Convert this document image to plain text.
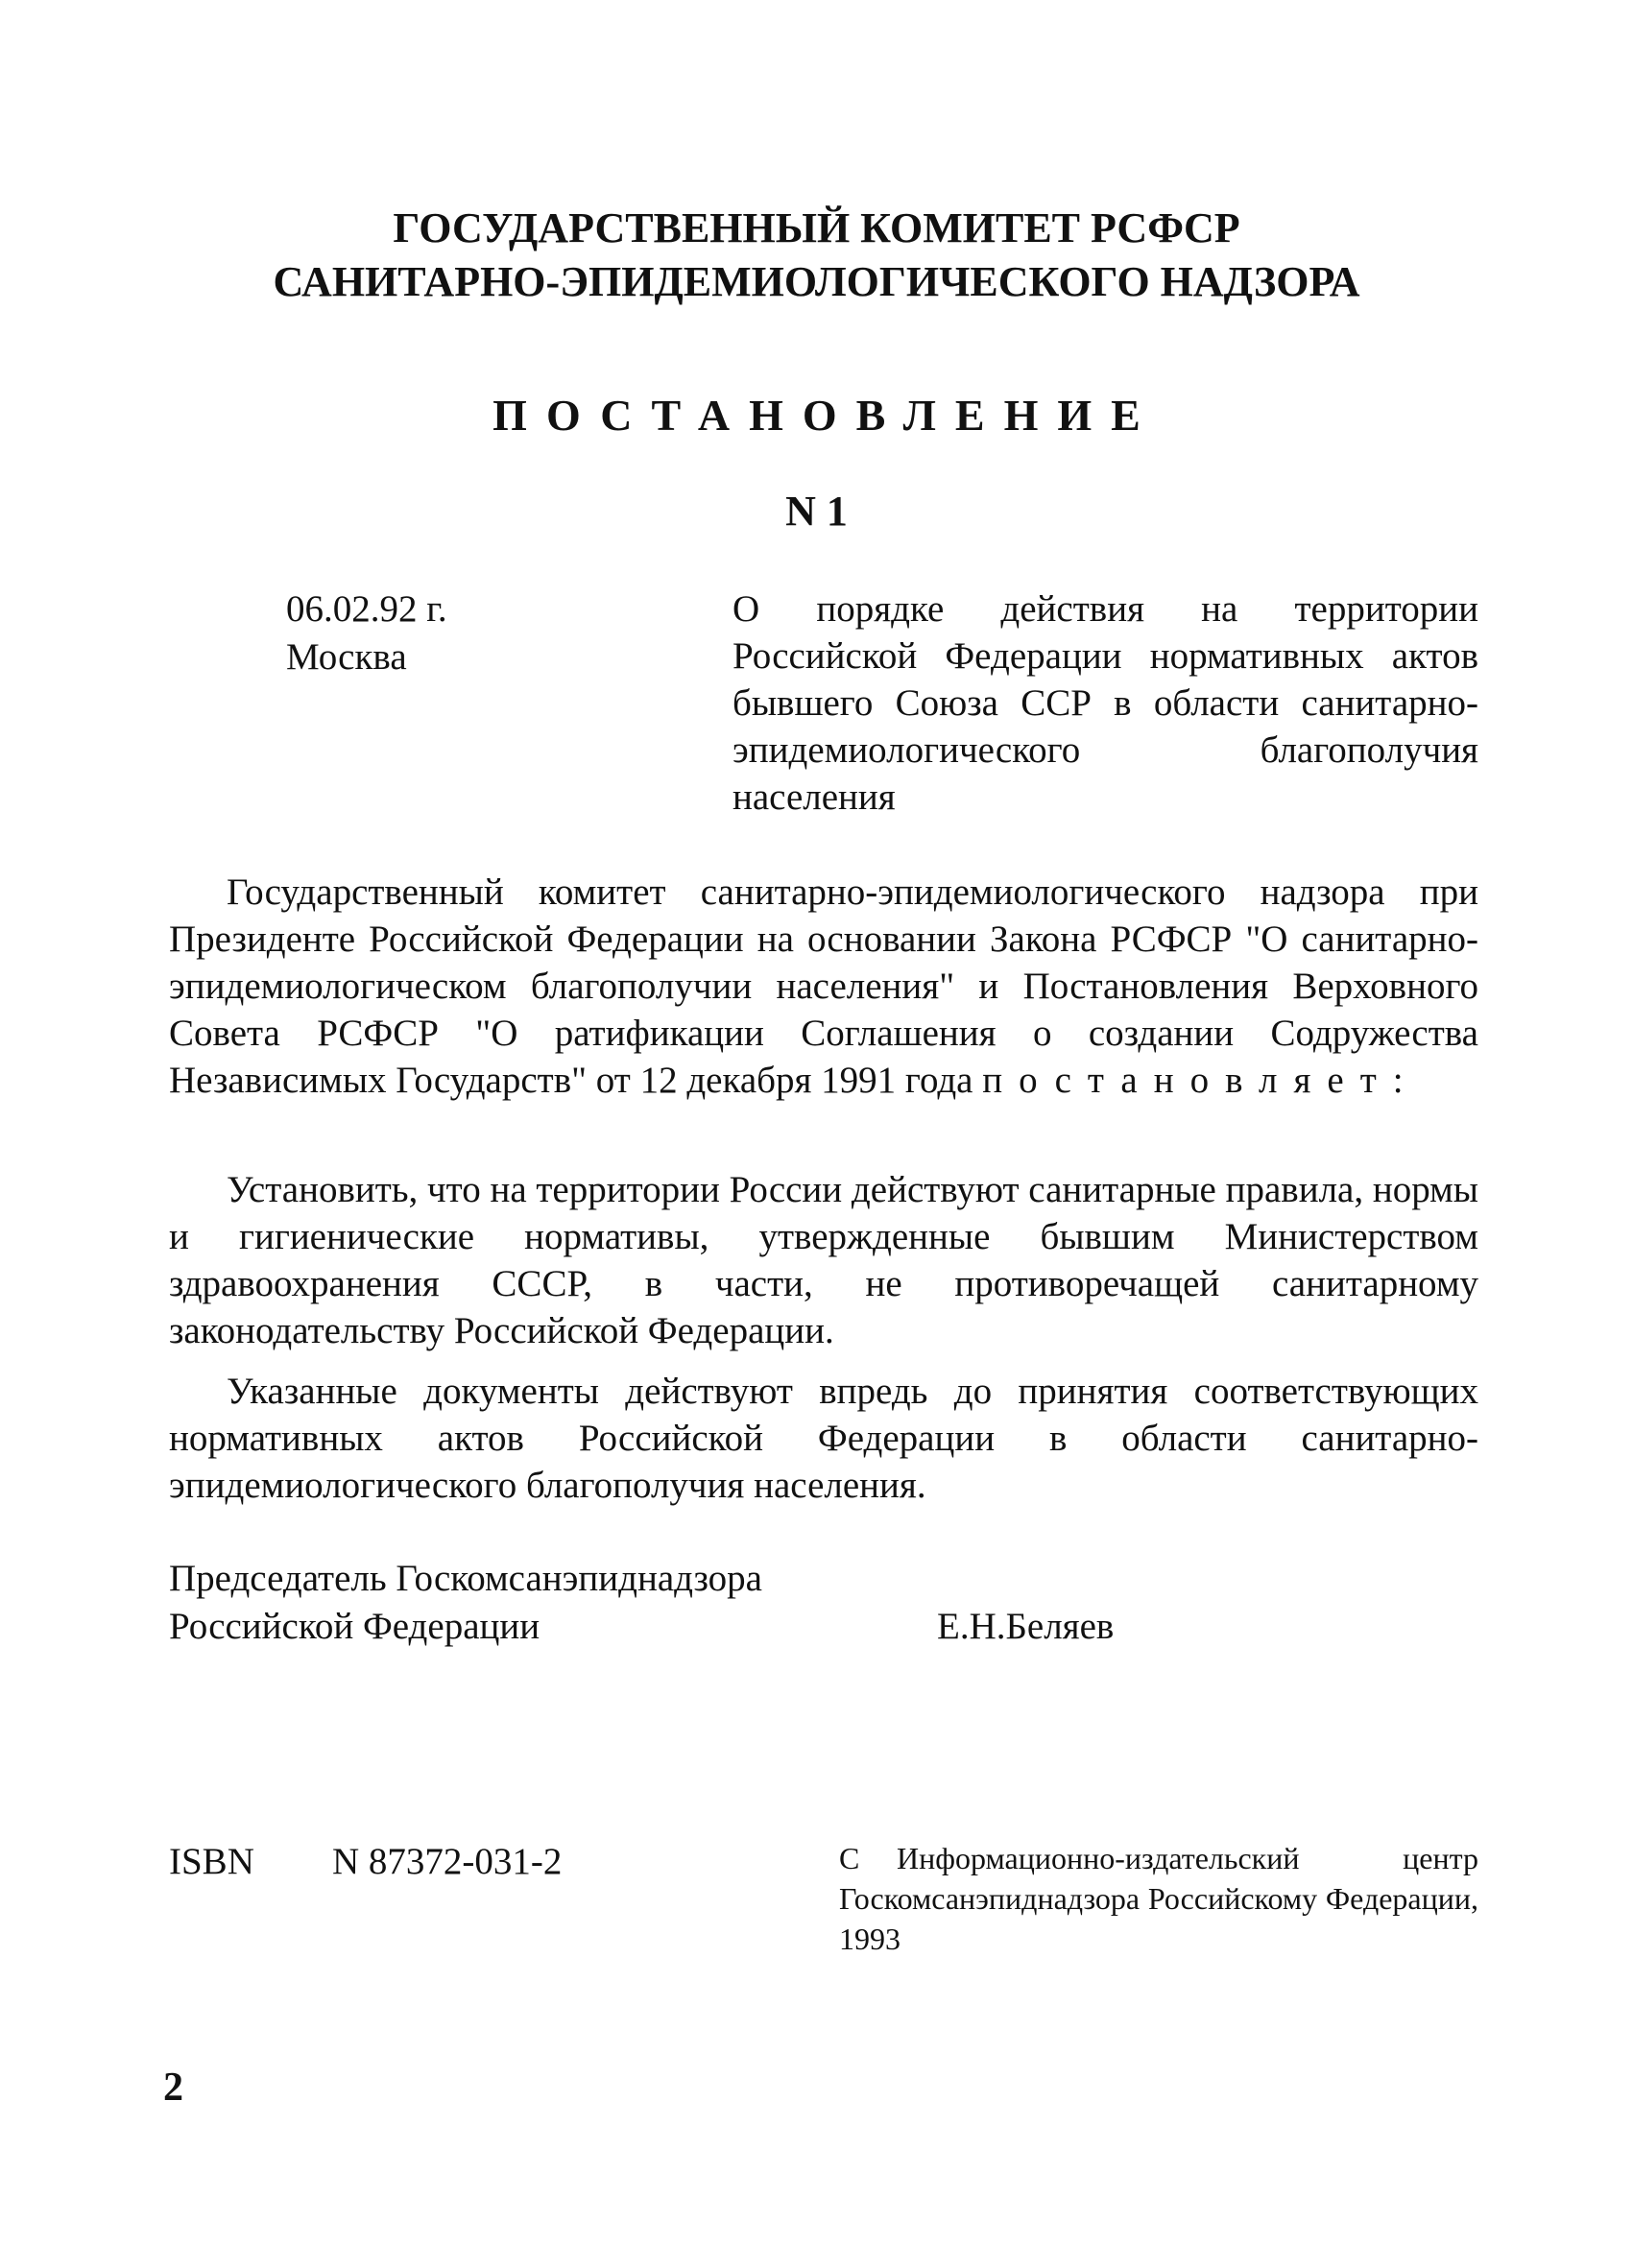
ГОСУДАРСТВЕННЫЙ КОМИТЕТ РСФСР
САНИТАРНО-ЭПИДЕМИОЛОГИЧЕСКОГО НАДЗОРА
ПОСТАНОВЛЕНИЕ
N 1
06.02.92 г.
Москва
О порядке действия на территории Российской Федерации нормативных актов бывшего Союза ССР в области санитарно-эпидемиологического благополучия населения
Государственный комитет санитарно-эпидемиологического надзора при Президенте Российской Федерации на основании Закона РСФСР "О санитарно-эпидемиологическом благополучии населения" и Постановления Верховного Совета РСФСР "О ратификации Соглашения о создании Содружества Независимых Государств" от 12 декабря 1991 года постановляет:
Установить, что на территории России действуют санитарные правила, нормы и гигиенические нормативы, утвержденные бывшим Министерством здравоохранения СССР, в части, не противоречащей санитарному законодательству Российской Федерации.
Указанные документы действуют впредь до принятия соответствующих нормативных актов Российской Федерации в области санитарно-эпидемиологического благополучия населения.
Председатель Госкомсанэпиднадзора
Российской Федерации	Е.Н.Беляев
ISBN N 87372-031-2	С Информационно-издательский центр Госкомсанэпиднадзора Российскому Федерации, 1993
2
